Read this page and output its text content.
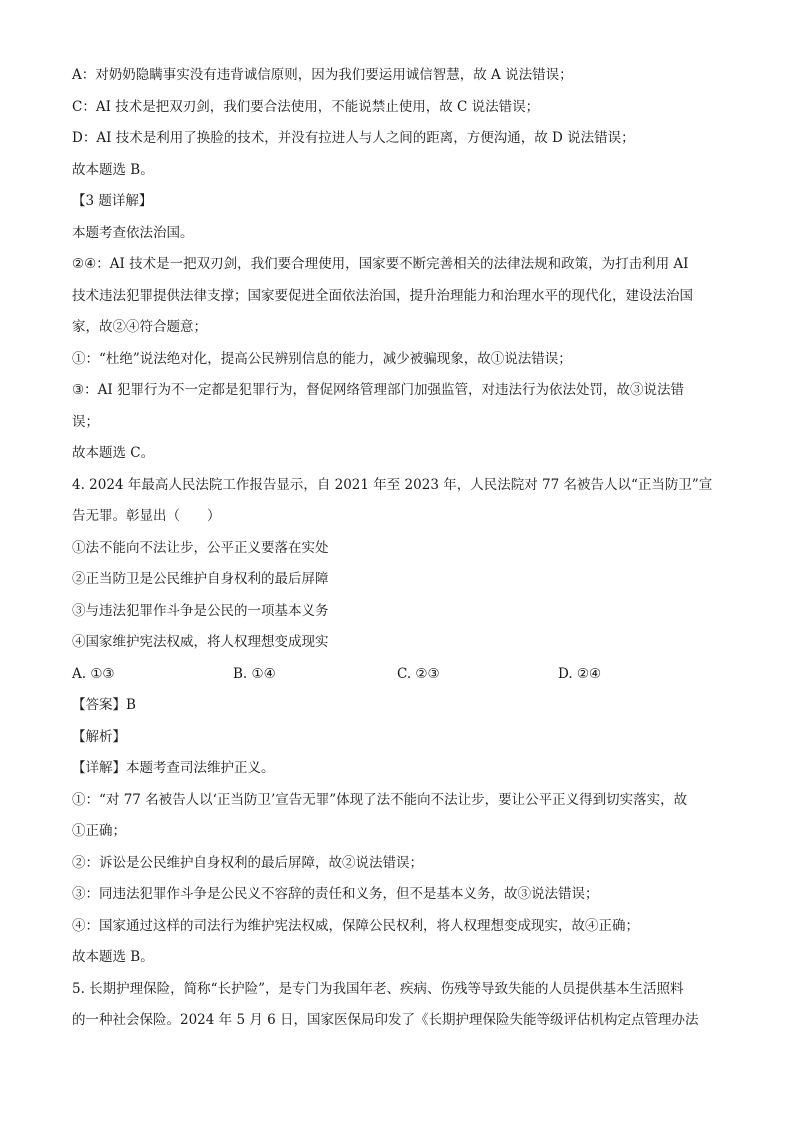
A：对奶奶隐瞒事实没有违背诚信原则，因为我们要运用诚信智慧，故 A 说法错误；
C：AI 技术是把双刃剑，我们要合法使用，不能说禁止使用，故 C 说法错误；
D：AI 技术是利用了换脸的技术，并没有拉进人与人之间的距离，方便沟通，故 D 说法错误；
故本题选 B。
【3 题详解】
本题考查依法治国。
②④：AI 技术是一把双刃剑，我们要合理使用，国家要不断完善相关的法律法规和政策，为打击利用 AI
技术违法犯罪提供法律支撑；国家要促进全面依法治国，提升治理能力和治理水平的现代化，建设法治国
家，故②④符合题意；
①：“杜绝”说法绝对化，提高公民辨别信息的能力，减少被骗现象，故①说法错误；
③：AI 犯罪行为不一定都是犯罪行为，督促网络管理部门加强监管，对违法行为依法处罚，故③说法错
误；
故本题选 C。
4. 2024 年最高人民法院工作报告显示，自 2021 年至 2023 年，人民法院对 77 名被告人以“正当防卫”宣
告无罪。彰显出（　　）
①法不能向不法让步，公平正义要落在实处
②正当防卫是公民维护自身权利的最后屏障
③与违法犯罪作斗争是公民的一项基本义务
④国家维护宪法权威，将人权理想变成现实
A. ①③	B. ①④	C. ②③	D. ②④
【答案】B
【解析】
【详解】本题考查司法维护正义。
①：“对 77 名被告人以‘正当防卫’宣告无罪”体现了法不能向不法让步，要让公平正义得到切实落实，故
①正确；
②：诉讼是公民维护自身权利的最后屏障，故②说法错误；
③：同违法犯罪作斗争是公民义不容辞的责任和义务，但不是基本义务，故③说法错误；
④：国家通过这样的司法行为维护宪法权威，保障公民权利，将人权理想变成现实，故④正确；
故本题选 B。
5. 长期护理保险，简称“长护险”，是专门为我国年老、疾病、伤残等导致失能的人员提供基本生活照料
的一种社会保险。2024 年 5 月 6 日，国家医保局印发了《长期护理保险失能等级评估机构定点管理办法
